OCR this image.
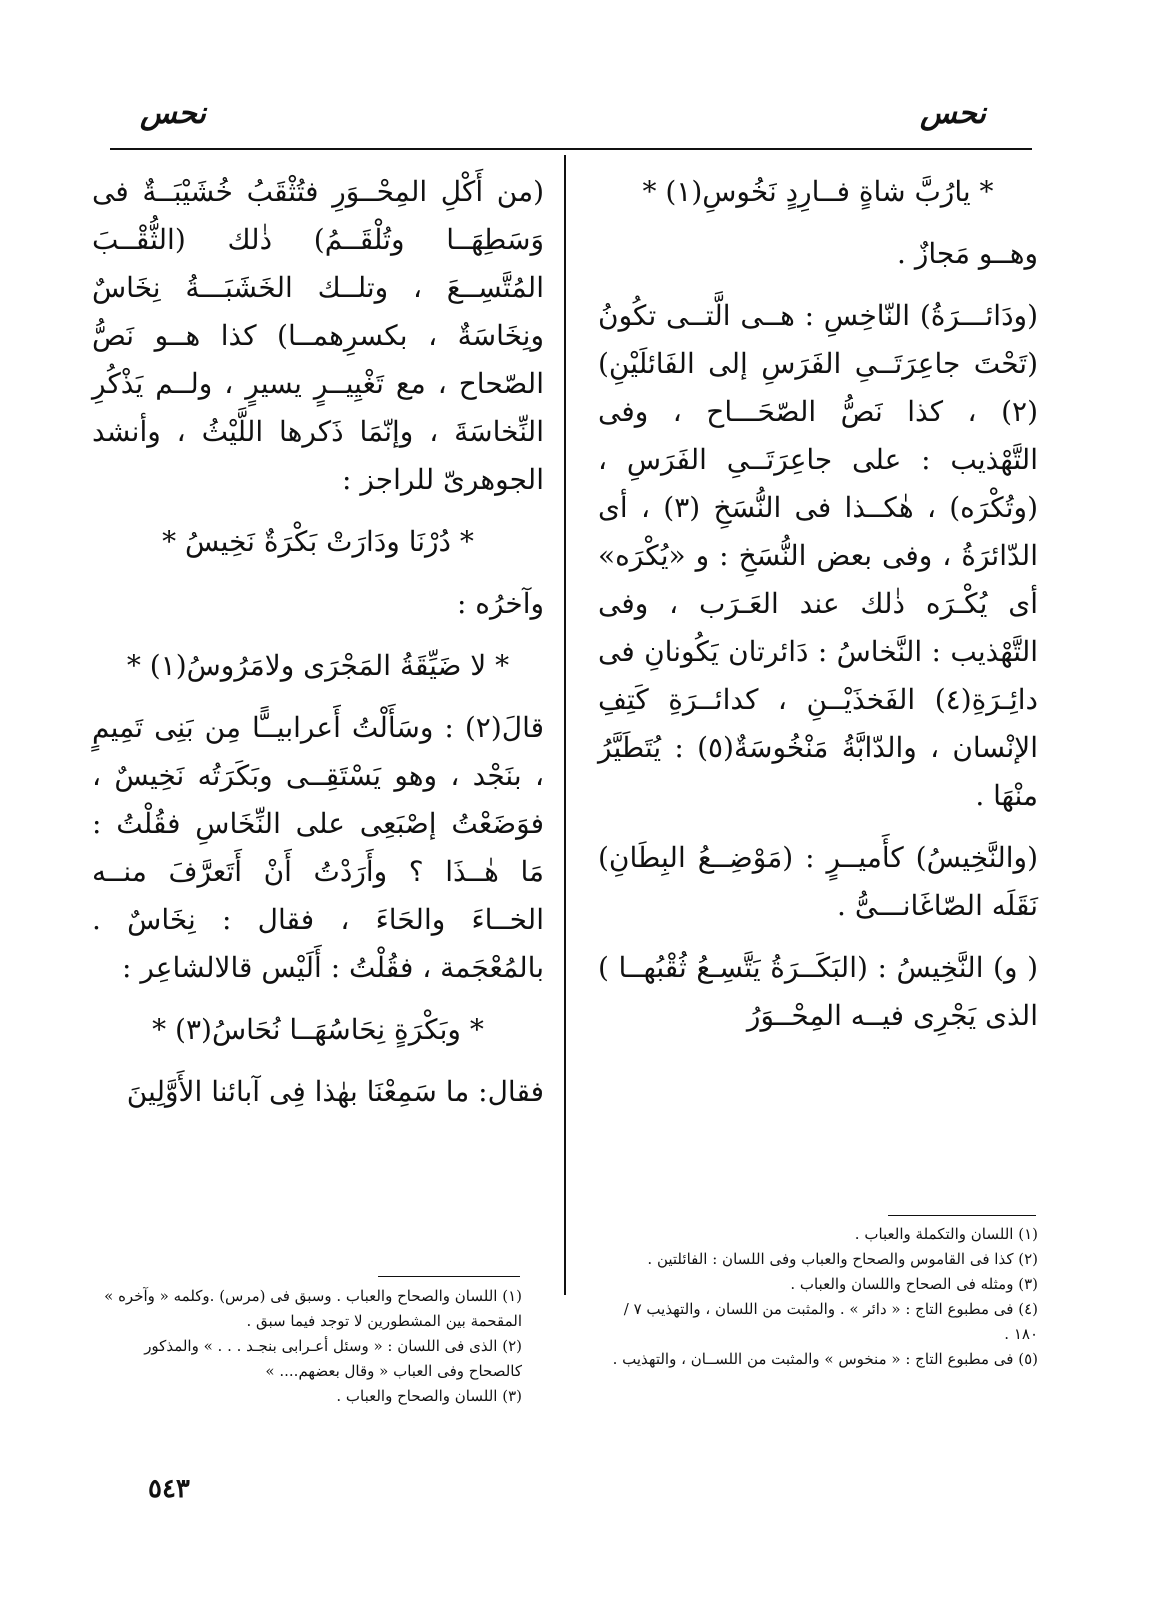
نحس	نحس

* يارُبَّ شاةٍ فــارِدٍ نَخُوسِ(١) *

وهــو مَجازٌ .

(ودَائـــرَةُ) النّاخِسِ : هــى الَّتــى تكُونُ (تَحْتَ جاعِرَتَــىِ الفَرَسِ إلى الفَائلَيْنِ)(٢) ، كذا نَصُّ الصّحَـــاح ، وفى التَّهْذيب : على جاعِرَتَــىِ الفَرَسِ ، (وتُكْرَه) ، هٰكــذا فى النُّسَخِ (٣) ، أى الدّائرَةُ ، وفى بعض النُّسَخِ : و «يُكْرَه» أى يُكْـرَه ذٰلك عند العَـرَب ، وفى التَّهْذيب : النَّخاسُ : دَائرتان يَكُونانِ فى دائِـرَةِ(٤) الفَخذَيْــنِ ، كدائــرَةِ كَتِفِ الإنْسان ، والدّابَّةُ مَنْخُوسَةٌ(٥) : يُتَطَيَّرُ منْهَا .

(والنَّخِيسُ) كأَميــرٍ : (مَوْضِــعُ البِطَانِ) نَقَلَه الصّاغَانـــىُّ .

( و) النَّخِيسُ : (البَكَــرَةُ يَتَّسِـعُ ثُقْبُهــا ) الذى يَجْرِى فيــه المِحْــوَرُ

(من أَكْلِ المِحْــوَرِ فتُثْقَبُ خُشَيْبَــةٌ فى وَسَطِهَــا وتُلْقَــمُ) ذٰلك (الثُّقْــبَ المُتَّسِــعَ ، وتلــك الخَشَبَـــةُ نِخَاسٌ ونِخَاسَةٌ ، بكسرِهمــا) كذا هــو نَصُّ الصّحاح ، مع تَغْيِيــرٍ يسيرٍ ، ولــم يَذْكُرِ النِّخاسَةَ ، وإنّمَا ذَكرها اللَّيْثُ ، وأنشد الجوهرىّ للراجز :

* دُرْنَا ودَارَتْ بَكْرَةٌ نَخِيسُ *

وآخرُه :

* لا ضَيِّقَةُ المَجْرَى ولامَرُوسُ(١) *

قالَ(٢) : وسَأَلْتُ أَعرابيــًّا مِن بَنِى تَمِيمٍ ، بنَجْد ، وهو يَسْتَقِــى وبَكَرَتُه نَخِيسٌ ، فوَضَعْتُ إصْبَعِى على النِّخَاسِ فقُلْتُ : مَا هٰــذَا ؟ وأَرَدْتُ أَنْ أَتَعرَّفَ منــه الخــاءَ والحَاءَ ، فقال : نِخَاسٌ . بالمُعْجَمة ، فقُلْتُ : أَلَيْس قالالشاعِر :

* وبَكْرَةٍ نِحَاسُهَــا نُحَاسُ(٣) *

فقال: ما سَمِعْنَا بهٰذا فِى آبائنا الأَوَّلِينَ

(١) اللسان والتكملة والعباب .
(٢) كذا فى القاموس والصحاح والعباب وفى اللسان : الفائلتين .
(٣) ومثله فى الصحاح واللسان والعباب .
(٤) فى مطبوع التاج : « دائر » . والمثبت من اللسان ، والتهذيب ٧ / ١٨٠ .
(٥) فى مطبوع التاج : « منخوس » والمثبت من اللســان ، والتهذيب .
(١) اللسان والصحاح والعباب . وسبق فى (مرس) .وكلمه « وآخره » المقحمة بين المشطورين لا توجد فيما سبق .
(٢) الذى فى اللسان : « وسئل أعـرابى بنجـد . . . » والمذكور كالصحاح وفى العباب « وقال بعضهم.... »
(٣) اللسان والصحاح والعباب .
٥٤٣
